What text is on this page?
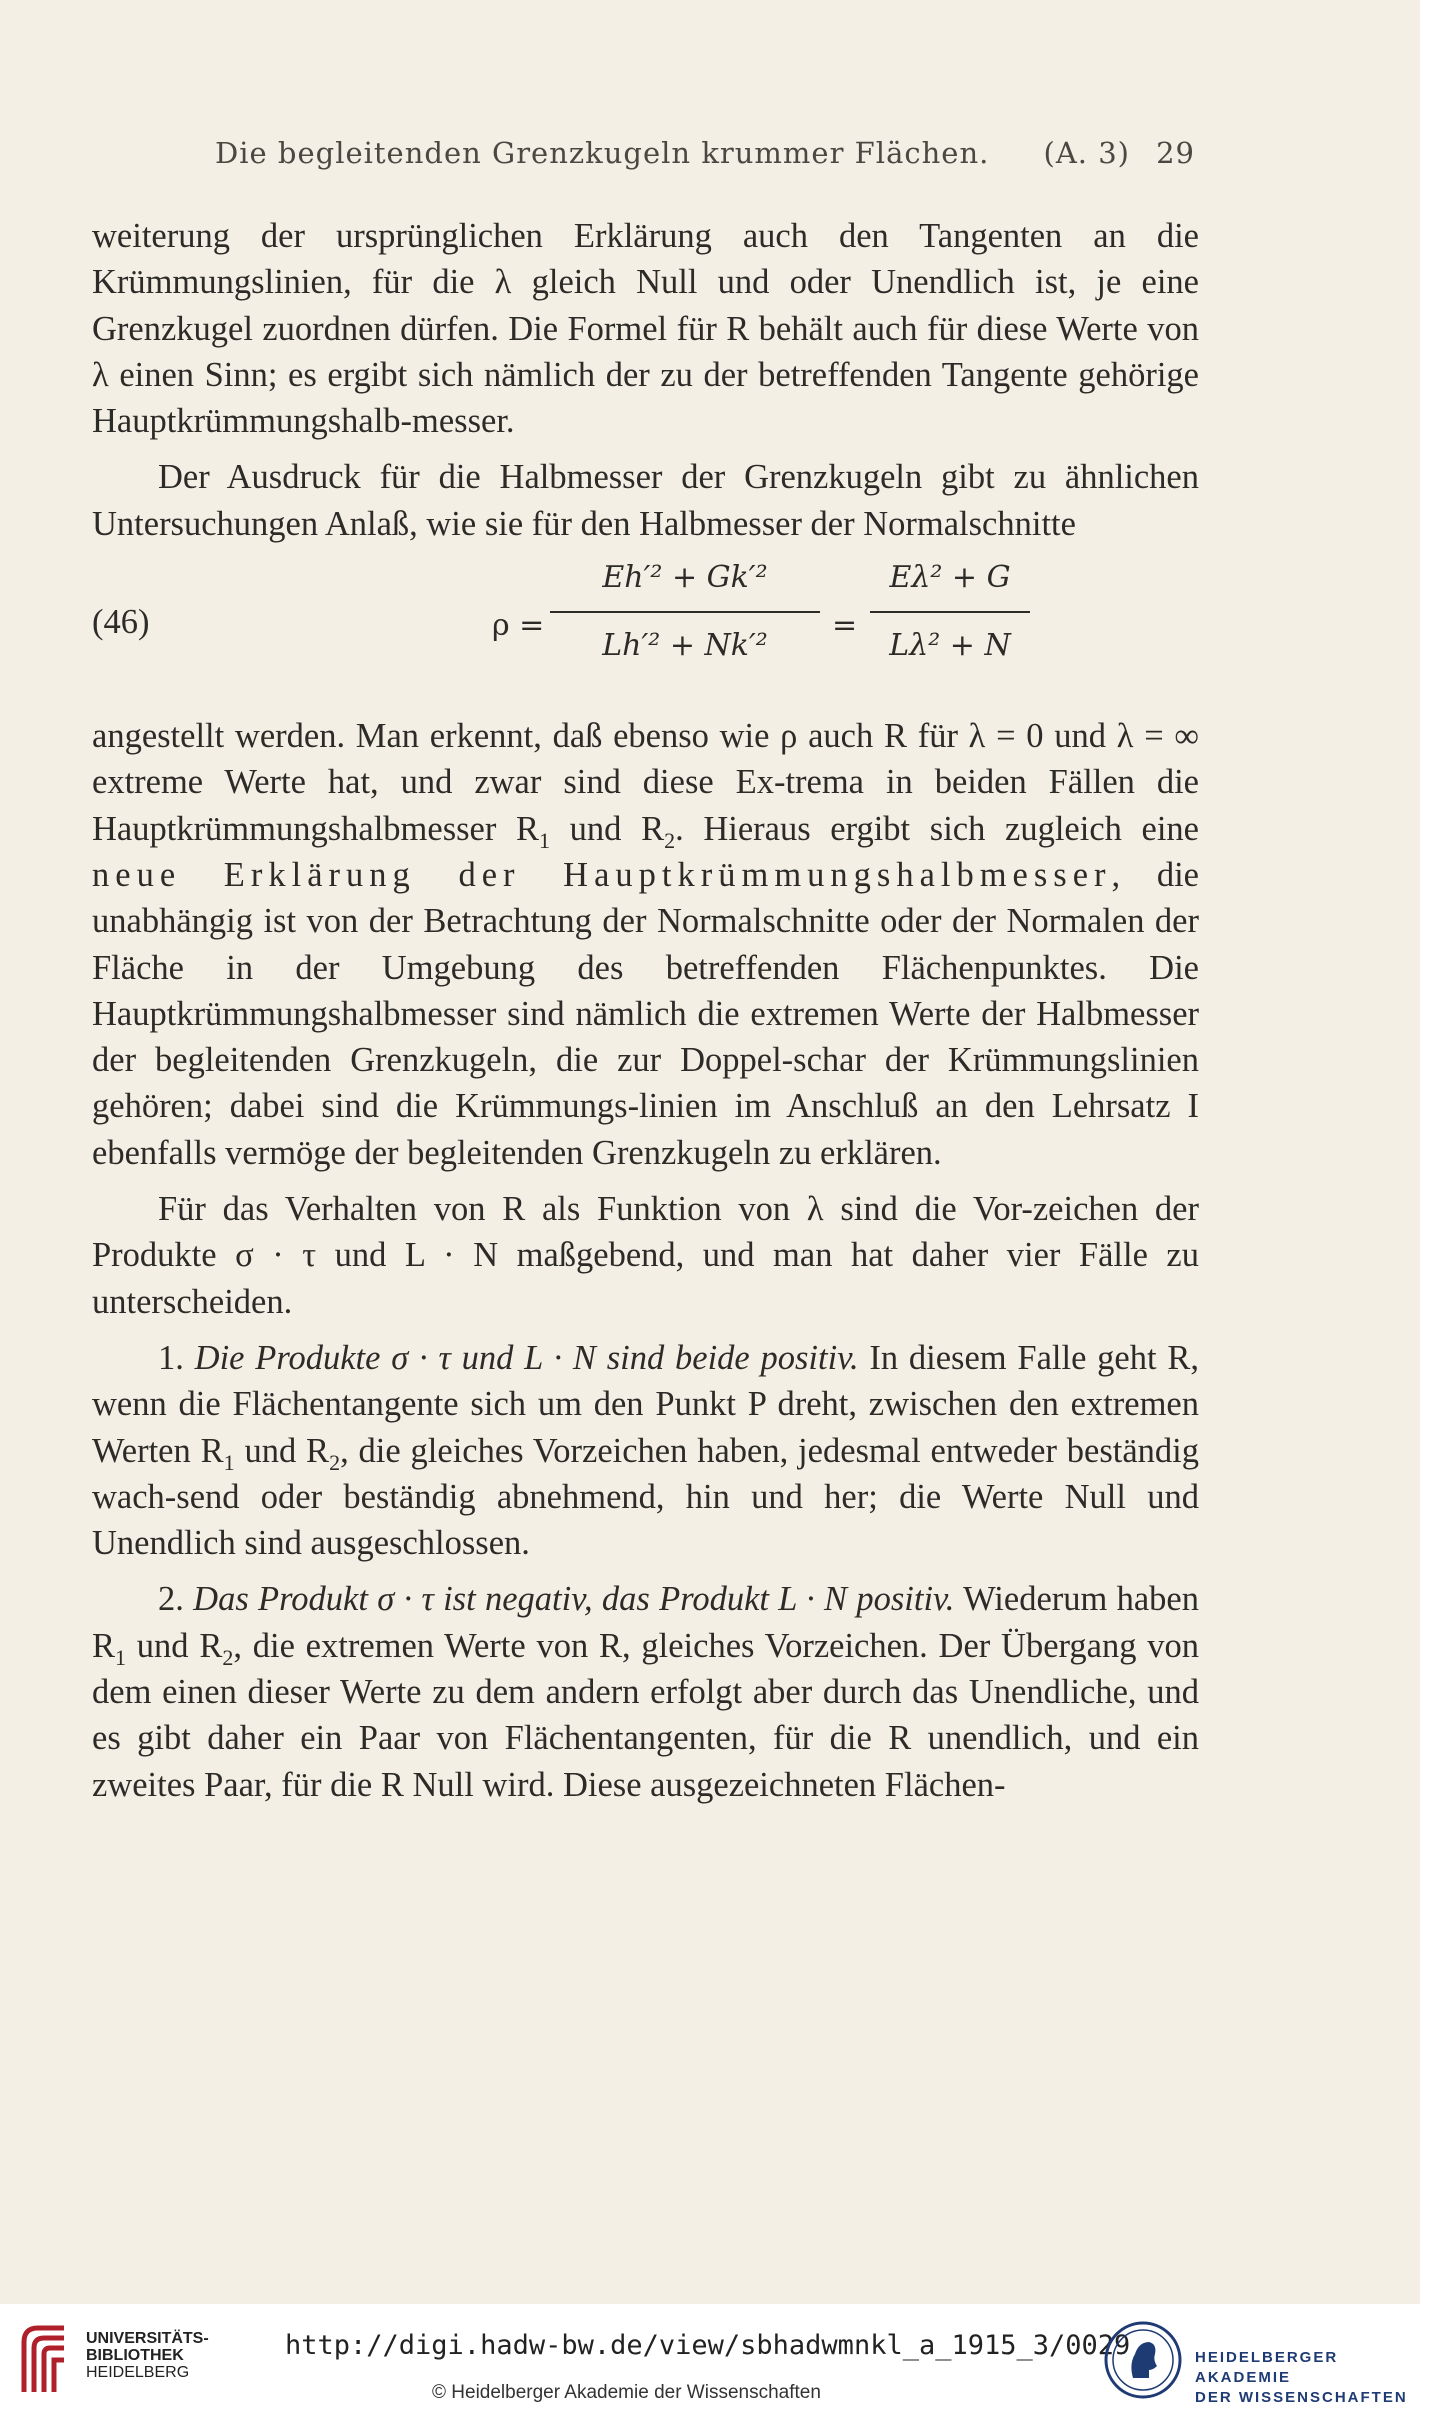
Die begleitenden Grenzkugeln krummer Flächen. (A. 3) 29

weiterung der ursprünglichen Erklärung auch den Tangenten an die Krümmungslinien, für die λ gleich Null und oder Unendlich ist, je eine Grenzkugel zuordnen dürfen. Die Formel für R behält auch für diese Werte von λ einen Sinn; es ergibt sich nämlich der zu der betreffenden Tangente gehörige Hauptkrümmungshalb-messer.

Der Ausdruck für die Halbmesser der Grenzkugeln gibt zu ähnlichen Untersuchungen Anlaß, wie sie für den Halbmesser der Normalschnitte

(46)	$\rho = \frac{\text{Eh′² + Gk′²}}{\text{Lh′² + Nk′²}} = \frac{\text{Eλ² + G}}{\text{Lλ² + N}}$

angestellt werden. Man erkennt, daß ebenso wie ρ auch R für λ = 0 und λ = ∞ extreme Werte hat, und zwar sind diese Ex-trema in beiden Fällen die Hauptkrümmungshalbmesser $R_1$ und $R_2$. Hieraus ergibt sich zugleich eine neue Erklärung der Hauptkrümmungshalbmesser, die unabhängig ist von der Betrachtung der Normalschnitte oder der Normalen der Fläche in der Umgebung des betreffenden Flächenpunktes. Die Hauptkrümmungshalbmesser sind nämlich die extremen Werte der Halbmesser der begleitenden Grenzkugeln, die zur Doppel-schar der Krümmungslinien gehören; dabei sind die Krümmungs-linien im Anschluß an den Lehrsatz I ebenfalls vermöge der begleitenden Grenzkugeln zu erklären.

Für das Verhalten von R als Funktion von λ sind die Vor-zeichen der Produkte σ · τ und L · N maßgebend, und man hat daher vier Fälle zu unterscheiden.

1. Die Produkte σ · τ und L · N sind beide positiv. In diesem Falle geht R, wenn die Flächentangente sich um den Punkt P dreht, zwischen den extremen Werten $R_1$ und $R_2$, die gleiches Vorzeichen haben, jedesmal entweder beständig wach-send oder beständig abnehmend, hin und her; die Werte Null und Unendlich sind ausgeschlossen.

2. Das Produkt σ · τ ist negativ, das Produkt L · N positiv. Wiederum haben $R_1$ und $R_2$, die extremen Werte von R, gleiches Vorzeichen. Der Übergang von dem einen dieser Werte zu dem andern erfolgt aber durch das Unendliche, und es gibt daher ein Paar von Flächentangenten, für die R unendlich, und ein zweites Paar, für die R Null wird. Diese ausgezeichneten Flächen-

UNIVERSITÄTS-
BIBLIOTHEK
HEIDELBERG
http://digi.hadw-bw.de/view/sbhadwmnkl_a_1915_3/0029
© Heidelberger Akademie der Wissenschaften
HEIDELBERGER AKADEMIE
DER WISSENSCHAFTEN
